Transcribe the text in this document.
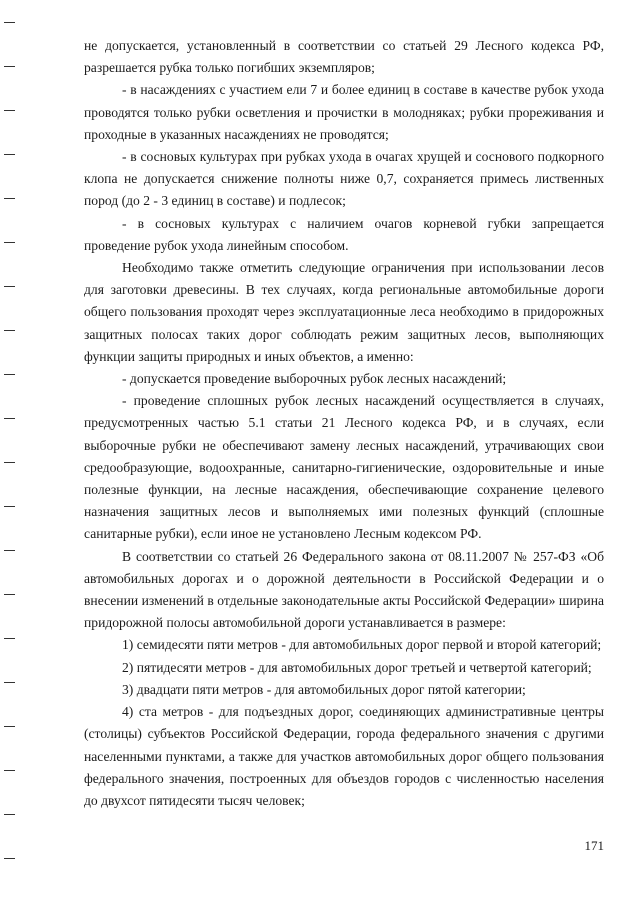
не допускается, установленный в соответствии со статьей 29 Лесного кодекса РФ, разрешается рубка только погибших экземпляров;

- в насаждениях с участием ели 7 и более единиц в составе в качестве рубок ухода проводятся только рубки осветления и прочистки в молодняках; рубки прореживания и проходные в указанных насаждениях не проводятся;

- в сосновых культурах при рубках ухода в очагах хрущей и соснового подкорного клопа не допускается снижение полноты ниже 0,7, сохраняется примесь лиственных пород (до 2 - 3 единиц в составе) и подлесок;

- в сосновых культурах с наличием очагов корневой губки запрещается проведение рубок ухода линейным способом.

Необходимо также отметить следующие ограничения при использовании лесов для заготовки древесины. В тех случаях, когда региональные автомобильные дороги общего пользования проходят через эксплуатационные леса необходимо в придорожных защитных полосах таких дорог соблюдать режим защитных лесов, выполняющих функции защиты природных и иных объектов, а именно:

- допускается проведение выборочных рубок лесных насаждений;

- проведение сплошных рубок лесных насаждений осуществляется в случаях, предусмотренных частью 5.1 статьи 21 Лесного кодекса РФ, и в случаях, если выборочные рубки не обеспечивают замену лесных насаждений, утрачивающих свои средообразующие, водоохранные, санитарно-гигиенические, оздоровительные и иные полезные функции, на лесные насаждения, обеспечивающие сохранение целевого назначения защитных лесов и выполняемых ими полезных функций (сплошные санитарные рубки), если иное не установлено Лесным кодексом РФ.

В соответствии со статьей 26 Федерального закона от 08.11.2007 № 257-ФЗ «Об автомобильных дорогах и о дорожной деятельности в Российской Федерации и о внесении изменений в отдельные законодательные акты Российской Федерации» ширина придорожной полосы автомобильной дороги устанавливается в размере:

1) семидесяти пяти метров - для автомобильных дорог первой и второй категорий;

2) пятидесяти метров - для автомобильных дорог третьей и четвертой категорий;

3) двадцати пяти метров - для автомобильных дорог пятой категории;

4) ста метров - для подъездных дорог, соединяющих административные центры (столицы) субъектов Российской Федерации, города федерального значения с другими населенными пунктами, а также для участков автомобильных дорог общего пользования федерального значения, построенных для объездов городов с численностью населения до двухсот пятидесяти тысяч человек;

171
